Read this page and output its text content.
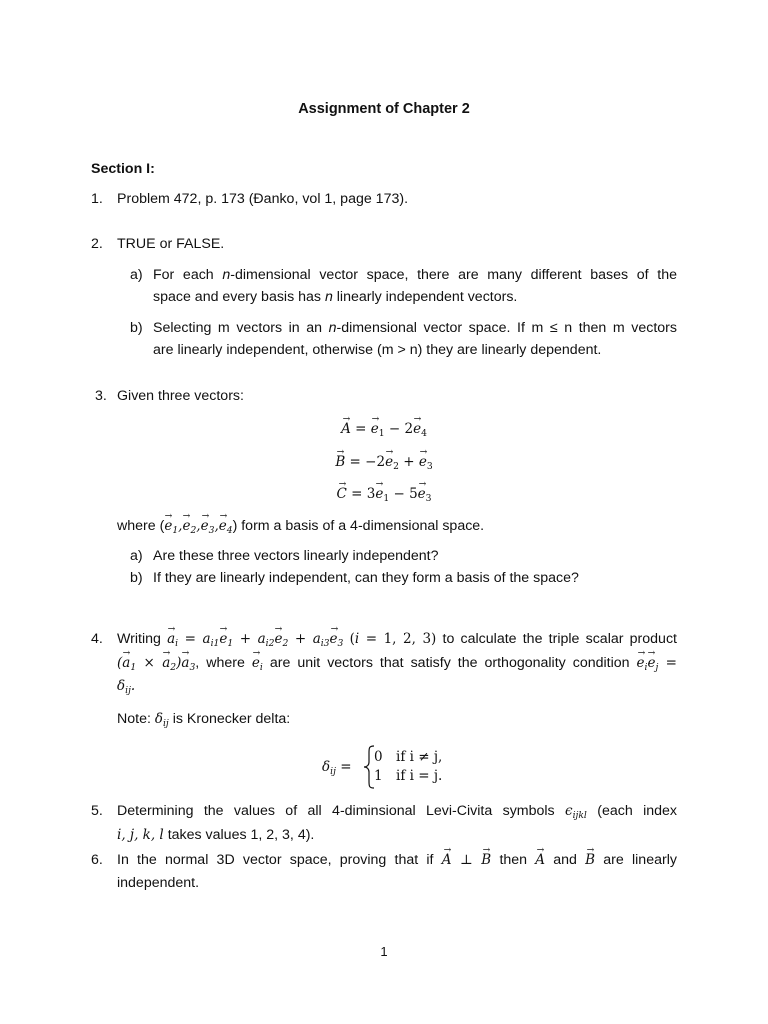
Assignment of Chapter 2
Section I:
1. Problem 472, p. 173 (Đanko, vol 1, page 173).
2. TRUE or FALSE.
a) For each n-dimensional vector space, there are many different bases of the
space and every basis has n linearly independent vectors.
b) Selecting m vectors in an n-dimensional vector space. If m ≤ n then m vectors
are linearly independent, otherwise (m > n) they are linearly dependent.
3. Given three vectors:
→ A = → $e_1 - 2\to e_4$
→ $B = -2\to e_2$ + → $e_3$
→ $C = 3\to e_1 - 5\to e_3$
where (→ $e_1,\to e_2,\to e_3,\to e_4$) form a basis of a 4-dimensional space.
a) Are these three vectors linearly independent?
b) If they are linearly independent, can they form a basis of the space?
4. Writing → $a_i = a_{i1}\to e_1 + a_{i2}\to e_2 + a_{i3}\to e_3$ (i = 1, 2, 3) to calculate the triple scalar product
(→ $a_1$ × → $a_2)\to a_3$, where → $e_i$ are unit vectors that satisfy the orthogonality condition → $e_i\to e_j$ =
$\delta_{ij}$.
Note: $\delta_{ij}$ is Kronecker delta:
$\delta_{ij}$ =
0 if i ≠ j,
1 if i = j.
5. Determining the values of all 4-diminsional Levi-Civita symbols $\epsilon_{ijkl}$ (each index
i, j, k, l takes values 1, 2, 3, 4).
6. In the normal 3D vector space, proving that if → A ⊥ → B then → A and → B are linearly
independent.
1
